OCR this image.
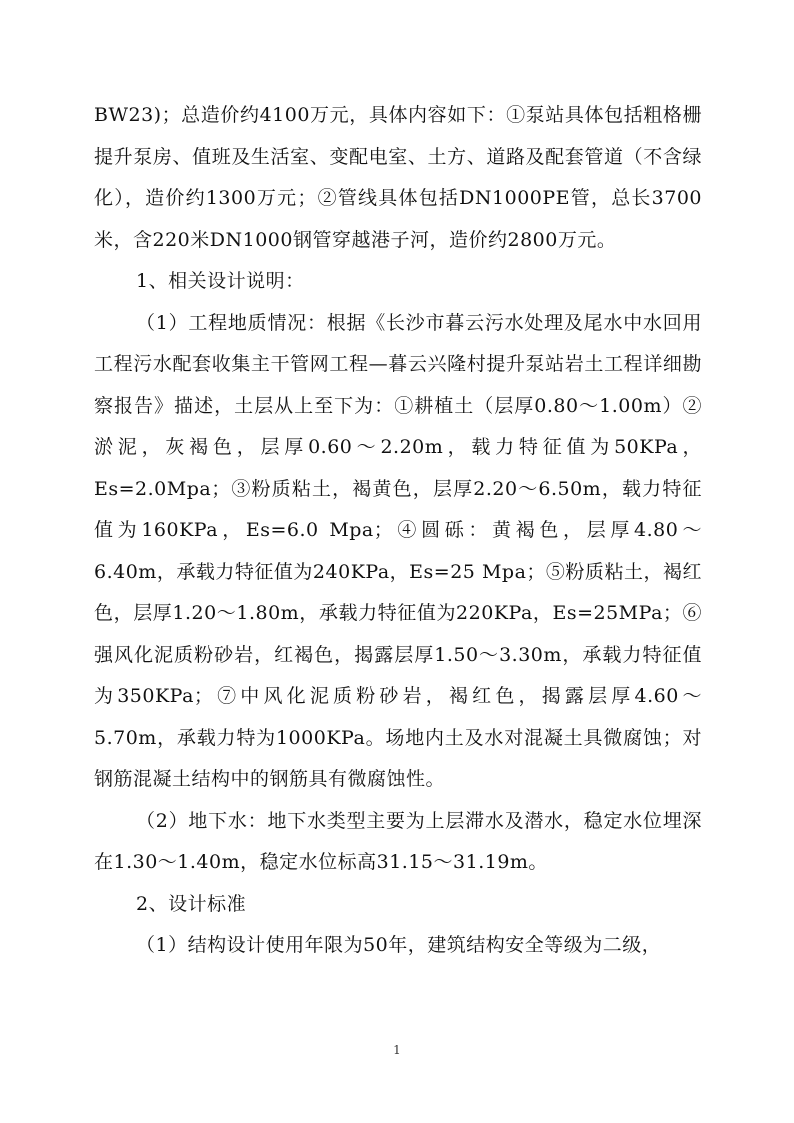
BW23)；总造价约4100万元，具体内容如下：①泵站具体包括粗格栅提升泵房、值班及生活室、变配电室、土方、道路及配套管道（不含绿化），造价约1300万元；②管线具体包括DN1000PE管，总长3700米，含220米DN1000钢管穿越港子河，造价约2800万元。

1、相关设计说明：

（1）工程地质情况：根据《长沙市暮云污水处理及尾水中水回用工程污水配套收集主干管网工程—暮云兴隆村提升泵站岩土工程详细勘察报告》描述，土层从上至下为：①耕植土（层厚0.80～1.00m）②淤泥，灰褐色，层厚0.60～2.20m，载力特征值为50KPa， Es=2.0Mpa；③粉质粘土，褐黄色，层厚2.20～6.50m，载力特征值为160KPa，Es=6.0 Mpa；④圆砾：黄褐色，层厚4.80～6.40m，承载力特征值为240KPa，Es=25 Mpa；⑤粉质粘土，褐红色，层厚1.20～1.80m，承载力特征值为220KPa，Es=25MPa；⑥强风化泥质粉砂岩，红褐色，揭露层厚1.50～3.30m，承载力特征值为350KPa；⑦中风化泥质粉砂岩，褐红色，揭露层厚4.60～5.70m，承载力特为1000KPa。场地内土及水对混凝土具微腐蚀；对钢筋混凝土结构中的钢筋具有微腐蚀性。

（2）地下水：地下水类型主要为上层滞水及潜水，稳定水位埋深在1.30～1.40m，稳定水位标高31.15～31.19m。

2、设计标准

（1）结构设计使用年限为50年，建筑结构安全等级为二级，

1
